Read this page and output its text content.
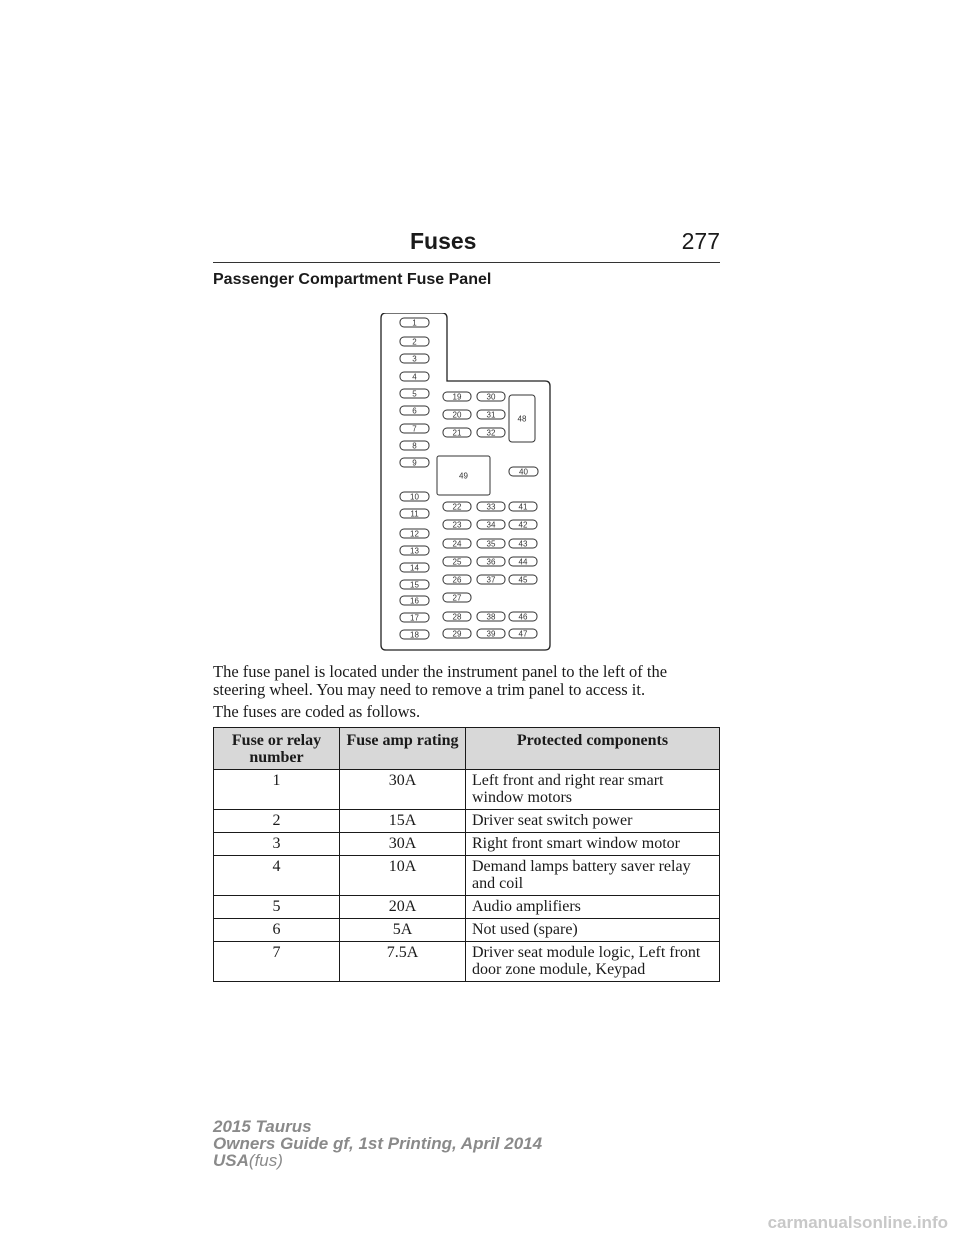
Fuses	277
Passenger Compartment Fuse Panel
1
2
3
4
5
6
7
8
9
10
11
12
13
14
15
16
17
18
19	30
20	31
21	32
48
49	40
22	33	41
23	34	42
24	35	43
25	36	44
26	37	45
27
28	38	46
29	39	47
The fuse panel is located under the instrument panel to the left of the steering wheel. You may need to remove a trim panel to access it.
The fuses are coded as follows.
Fuse or relay number	Fuse amp rating	Protected components
1	30A	Left front and right rear smart window motors
2	15A	Driver seat switch power
3	30A	Right front smart window motor
4	10A	Demand lamps battery saver relay and coil
5	20A	Audio amplifiers
6	5A	Not used (spare)
7	7.5A	Driver seat module logic, Left front door zone module, Keypad
2015 Taurus
Owners Guide gf, 1st Printing, April 2014
USA(fus)
carmanualsonline.info
